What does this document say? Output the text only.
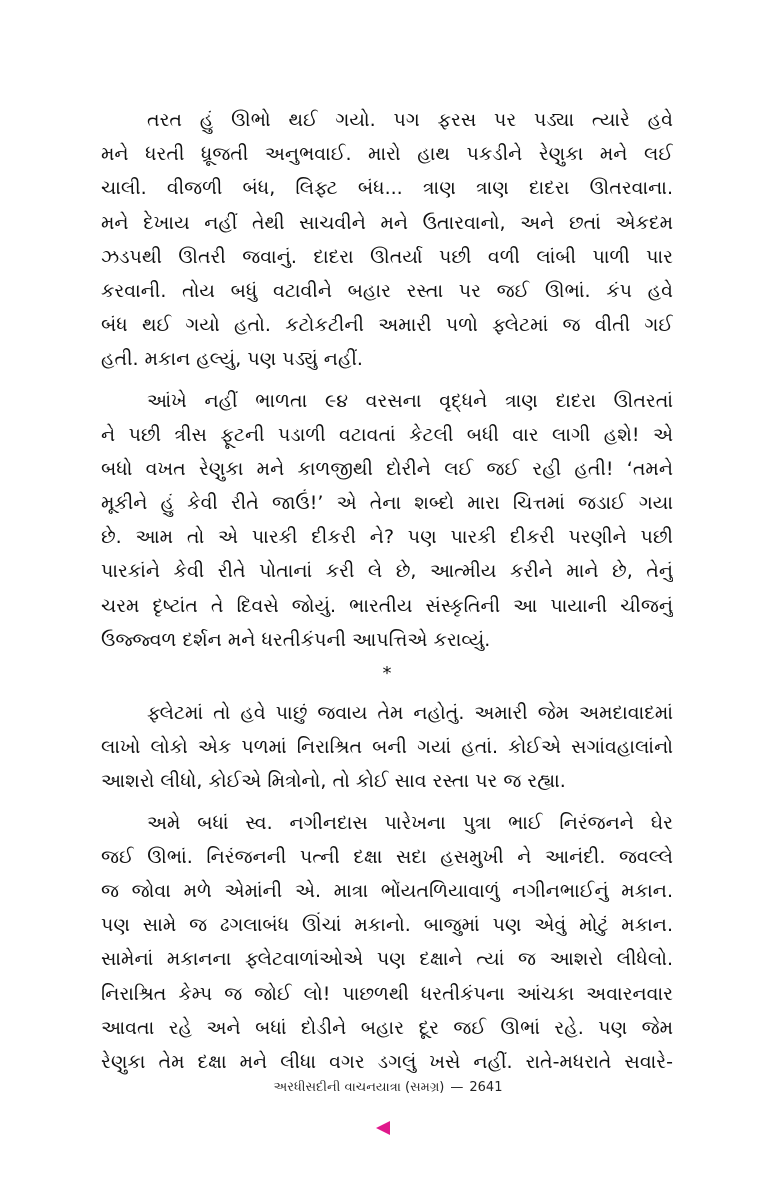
તરત હું ઊભો થઈ ગયો. પગ ફરસ પર પડ્યા ત્યારે હવે
મને ધરતી ધ્રૂજતી અનુભવાઈ. મારો હાથ પકડીને રેણુકા મને લઈ
ચાલી. વીજળી બંધ, લિફ્ટ બંધ... ત્રાણ ત્રાણ દાદરા ઊતરવાના.
મને દેખાય નહીં તેથી સાચવીને મને ઉતારવાનો, અને છતાં એકદમ
ઝડપથી ઊતરી જવાનું. દાદરા ઊતર્યા પછી વળી લાંબી પાળી પાર
કરવાની. તોય બધું વટાવીને બહાર રસ્તા પર જઈ ઊભાં. કંપ હવે
બંધ થઈ ગયો હતો. કટોકટીની અમારી પળો ફ્લેટમાં જ વીતી ગઈ
હતી. મકાન હલ્યું, પણ પડ્યું નહીં.
આંખે નહીં ભાળતા ૯૪ વરસના વૃદ્ધને ત્રાણ દાદરા ઊતરતાં
ને પછી ત્રીસ ફૂટની પડાળી વટાવતાં કેટલી બધી વાર લાગી હશે! એ
બધો વખત રેણુકા મને કાળજીથી દોરીને લઈ જઈ રહી હતી! ‘તમને
મૂકીને હું કેવી રીતે જાઉં!’ એ તેના શબ્દો મારા ચિત્તમાં જડાઈ ગયા
છે. આમ તો એ પારકી દીકરી ને? પણ પારકી દીકરી પરણીને પછી
પારકાંને કેવી રીતે પોતાનાં કરી લે છે, આત્મીય કરીને માને છે, તેનું
ચરમ દૃષ્ટાંત તે દિવસે જોયું. ભારતીય સંસ્કૃતિની આ પાયાની ચીજનું
ઉજ્જ્વળ દર્શન મને ધરતીકંપની આપત્તિએ કરાવ્યું.
*
ફ્લેટમાં તો હવે પાછું જવાય તેમ નહોતું. અમારી જેમ અમદાવાદમાં
લાખો લોકો એક પળમાં નિરાશ્રિત બની ગયાં હતાં. કોઈએ સગાંવહાલાંનો
આશરો લીધો, કોઈએ મિત્રોનો, તો કોઈ સાવ રસ્તા પર જ રહ્યા.
અમે બધાં સ્વ. નગીનદાસ પારેખના પુત્રા ભાઈ નિરંજનને ઘેર
જઈ ઊભાં. નિરંજનની પત્ની દક્ષા સદા હસમુખી ને આનંદી. જવલ્લે
જ જોવા મળે એમાંની એ. માત્રા ભોંયતળિયાવાળું નગીનભાઈનું મકાન.
પણ સામે જ ઢગલાબંધ ઊંચાં મકાનો. બાજુમાં પણ એવું મોટું મકાન.
સામેનાં મકાનના ફ્લેટવાળાંઓએ પણ દક્ષાને ત્યાં જ આશરો લીધેલો.
નિરાશ્રિત કેમ્પ જ જોઈ લો! પાછળથી ધરતીકંપના આંચકા અવારનવાર
આવતા રહે અને બધાં દોડીને બહાર દૂર જઈ ઊભાં રહે. પણ જેમ
રેણુકા તેમ દક્ષા મને લીધા વગર ડગલું ખસે નહીં. રાતે-મધરાતે સવારે-
અરધીસદીની વાચનયાત્રા (સમગ્ર) — 2641
